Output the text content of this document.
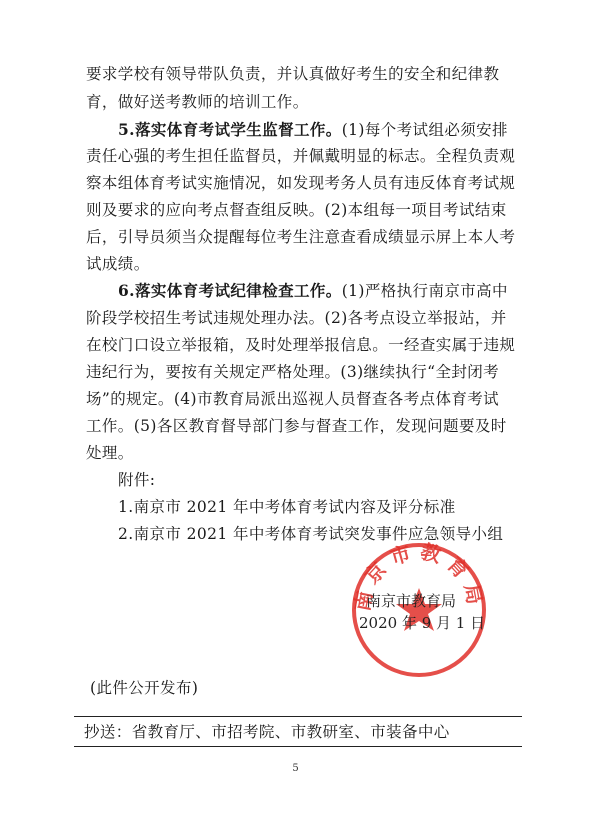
要求学校有领导带队负责，并认真做好考生的安全和纪律教
育，做好送考教师的培训工作。
5.落实体育考试学生监督工作。(1)每个考试组必须安排
责任心强的考生担任监督员，并佩戴明显的标志。全程负责观
察本组体育考试实施情况，如发现考务人员有违反体育考试规
则及要求的应向考点督查组反映。(2)本组每一项目考试结束
后，引导员须当众提醒每位考生注意查看成绩显示屏上本人考
试成绩。
6.落实体育考试纪律检查工作。(1)严格执行南京市高中
阶段学校招生考试违规处理办法。(2)各考点设立举报站，并
在校门口设立举报箱，及时处理举报信息。一经查实属于违规
违纪行为，要按有关规定严格处理。(3)继续执行“全封闭考
场”的规定。(4)市教育局派出巡视人员督查各考点体育考试
工作。(5)各区教育督导部门参与督查工作，发现问题要及时
处理。
附件:
1.南京市 2021 年中考体育考试内容及评分标准
2.南京市 2021 年中考体育考试突发事件应急领导小组
南京市教育局
南京市教育局
2020 年 9 月 1 日
(此件公开发布)
抄送：省教育厅、市招考院、市教研室、市装备中心
5
